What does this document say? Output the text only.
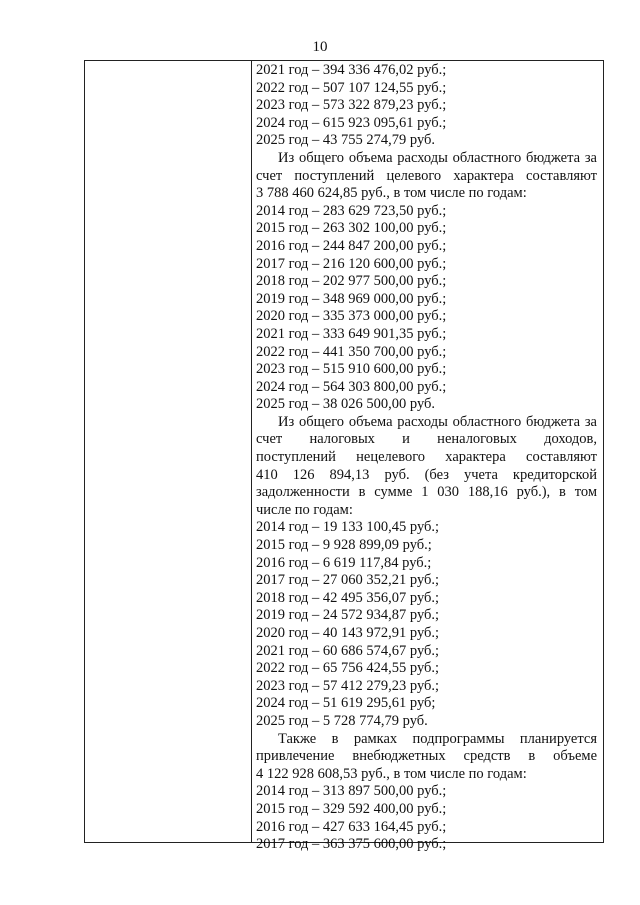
10
2021 год – 394 336 476,02 руб.;
2022 год – 507 107 124,55 руб.;
2023 год – 573 322 879,23 руб.;
2024 год – 615 923 095,61 руб.;
2025 год – 43 755 274,79 руб.
Из общего объема расходы областного бюджета за
счет поступлений целевого характера составляют
3 788 460 624,85 руб., в том числе по годам:
2014 год – 283 629 723,50 руб.;
2015 год – 263 302 100,00 руб.;
2016 год – 244 847 200,00 руб.;
2017 год – 216 120 600,00 руб.;
2018 год – 202 977 500,00 руб.;
2019 год – 348 969 000,00 руб.;
2020 год – 335 373 000,00 руб.;
2021 год – 333 649 901,35 руб.;
2022 год – 441 350 700,00 руб.;
2023 год – 515 910 600,00 руб.;
2024 год – 564 303 800,00 руб.;
2025 год – 38 026 500,00 руб.
Из общего объема расходы областного бюджета за
счет налоговых и неналоговых доходов,
поступлений нецелевого характера составляют
410 126 894,13 руб. (без учета кредиторской
задолженности в сумме 1 030 188,16 руб.), в том
числе по годам:
2014 год – 19 133 100,45 руб.;
2015 год – 9 928 899,09 руб.;
2016 год – 6 619 117,84 руб.;
2017 год – 27 060 352,21 руб.;
2018 год – 42 495 356,07 руб.;
2019 год – 24 572 934,87 руб.;
2020 год – 40 143 972,91 руб.;
2021 год – 60 686 574,67 руб.;
2022 год – 65 756 424,55 руб.;
2023 год – 57 412 279,23 руб.;
2024 год – 51 619 295,61 руб;
2025 год – 5 728 774,79 руб.
Также в рамках подпрограммы планируется
привлечение внебюджетных средств в объеме
4 122 928 608,53 руб., в том числе по годам:
2014 год – 313 897 500,00 руб.;
2015 год – 329 592 400,00 руб.;
2016 год – 427 633 164,45 руб.;
2017 год – 363 375 600,00 руб.;
